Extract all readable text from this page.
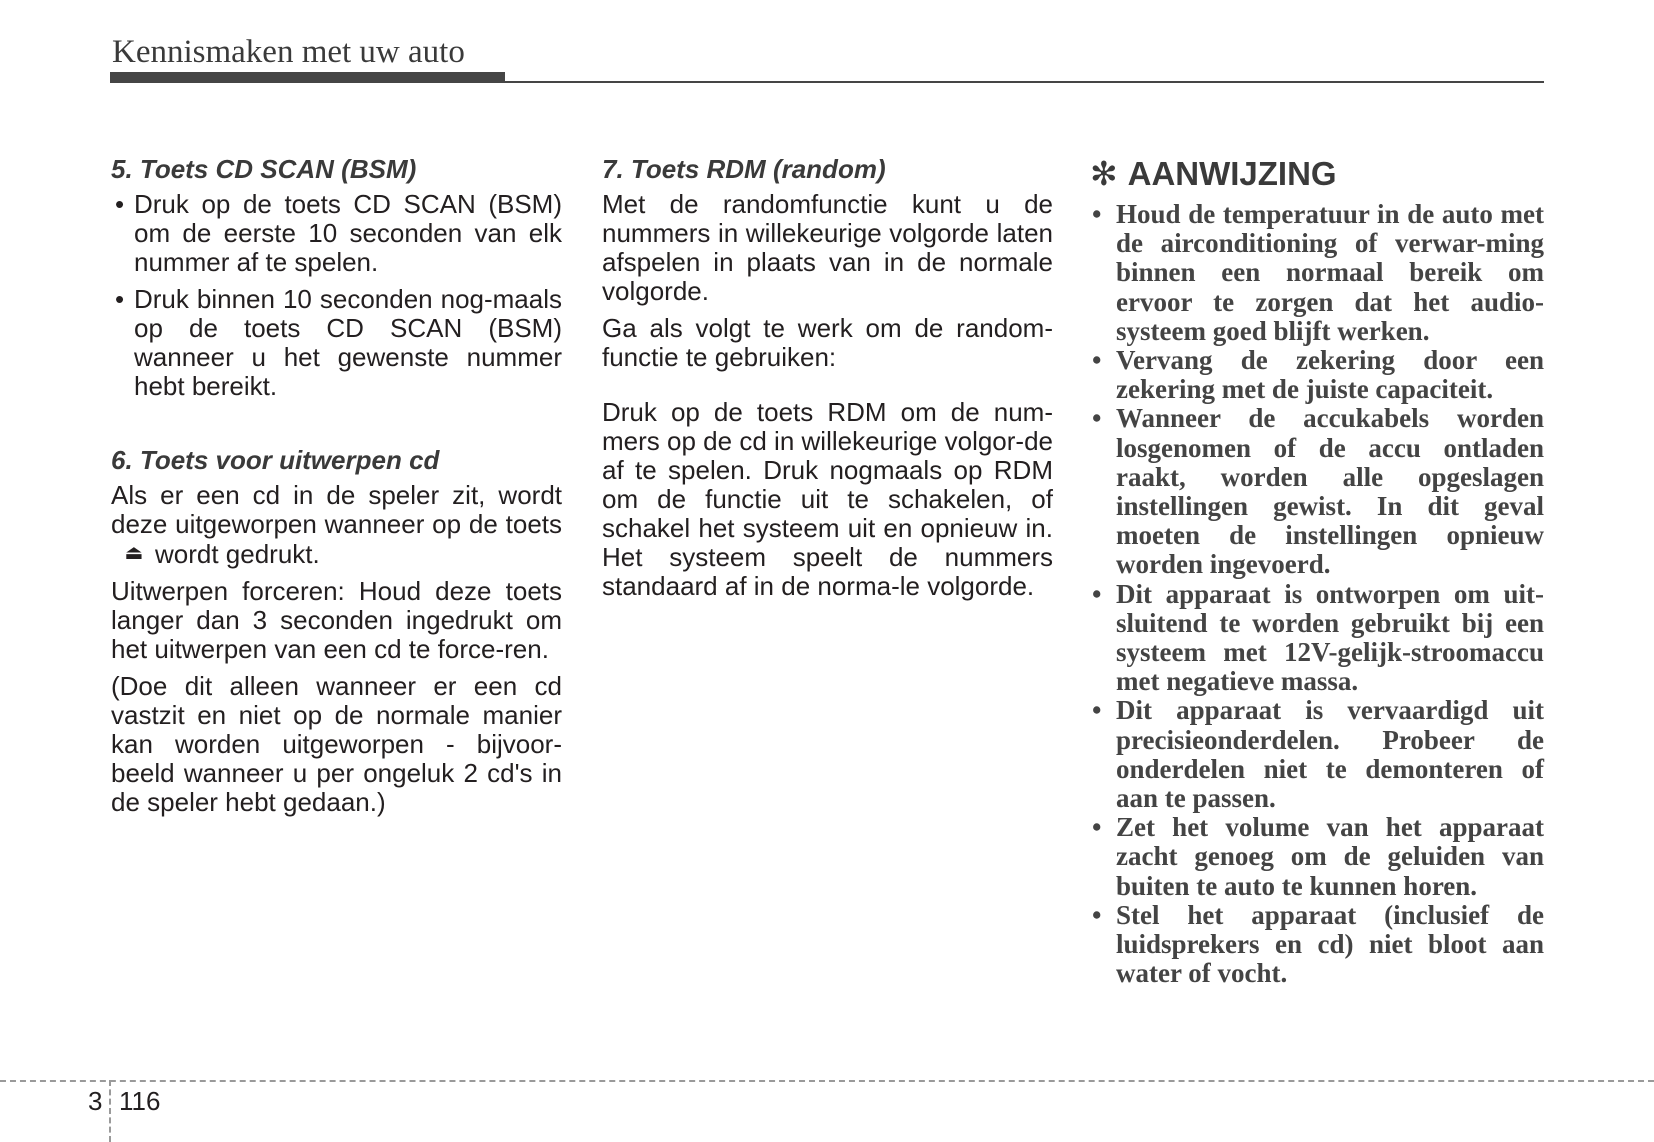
Kennismaken met uw auto
5. Toets CD SCAN (BSM)
• Druk op de toets CD SCAN (BSM) om de eerste 10 seconden van elk nummer af te spelen.
• Druk binnen 10 seconden nog-maals op de toets CD SCAN (BSM) wanneer u het gewenste nummer hebt bereikt.
6. Toets voor uitwerpen cd
Als er een cd in de speler zit, wordt deze uitgeworpen wanneer op de toets⏏ wordt gedrukt.
Uitwerpen forceren: Houd deze toets langer dan 3 seconden ingedrukt om het uitwerpen van een cd te force-ren.
(Doe dit alleen wanneer er een cd vastzit en niet op de normale manier kan worden uitgeworpen - bijvoor-beeld wanneer u per ongeluk 2 cd's in de speler hebt gedaan.)
7. Toets RDM (random)
Met de randomfunctie kunt u de nummers in willekeurige volgorde laten afspelen in plaats van in de normale volgorde.
Ga als volgt te werk om de random-functie te gebruiken:
Druk op de toets RDM om de num-mers op de cd in willekeurige volgor-de af te spelen. Druk nogmaals op RDM om de functie uit te schakelen, of schakel het systeem uit en opnieuw in. Het systeem speelt de nummers standaard af in de norma-le volgorde.
✻ AANWIJZING
• Houd de temperatuur in de auto met de airconditioning of verwar-ming binnen een normaal bereik om ervoor te zorgen dat het audio-systeem goed blijft werken.
• Vervang de zekering door een zekering met de juiste capaciteit.
• Wanneer de accukabels worden losgenomen of de accu ontladen raakt, worden alle opgeslagen instellingen gewist. In dit geval moeten de instellingen opnieuw worden ingevoerd.
• Dit apparaat is ontworpen om uit-sluitend te worden gebruikt bij een systeem met 12V-gelijk-stroomaccu met negatieve massa.
• Dit apparaat is vervaardigd uit precisieonderdelen. Probeer de onderdelen niet te demonteren of aan te passen.
• Zet het volume van het apparaat zacht genoeg om de geluiden van buiten te auto te kunnen horen.
• Stel het apparaat (inclusief de luidsprekers en cd) niet bloot aan water of vocht.
3 116
